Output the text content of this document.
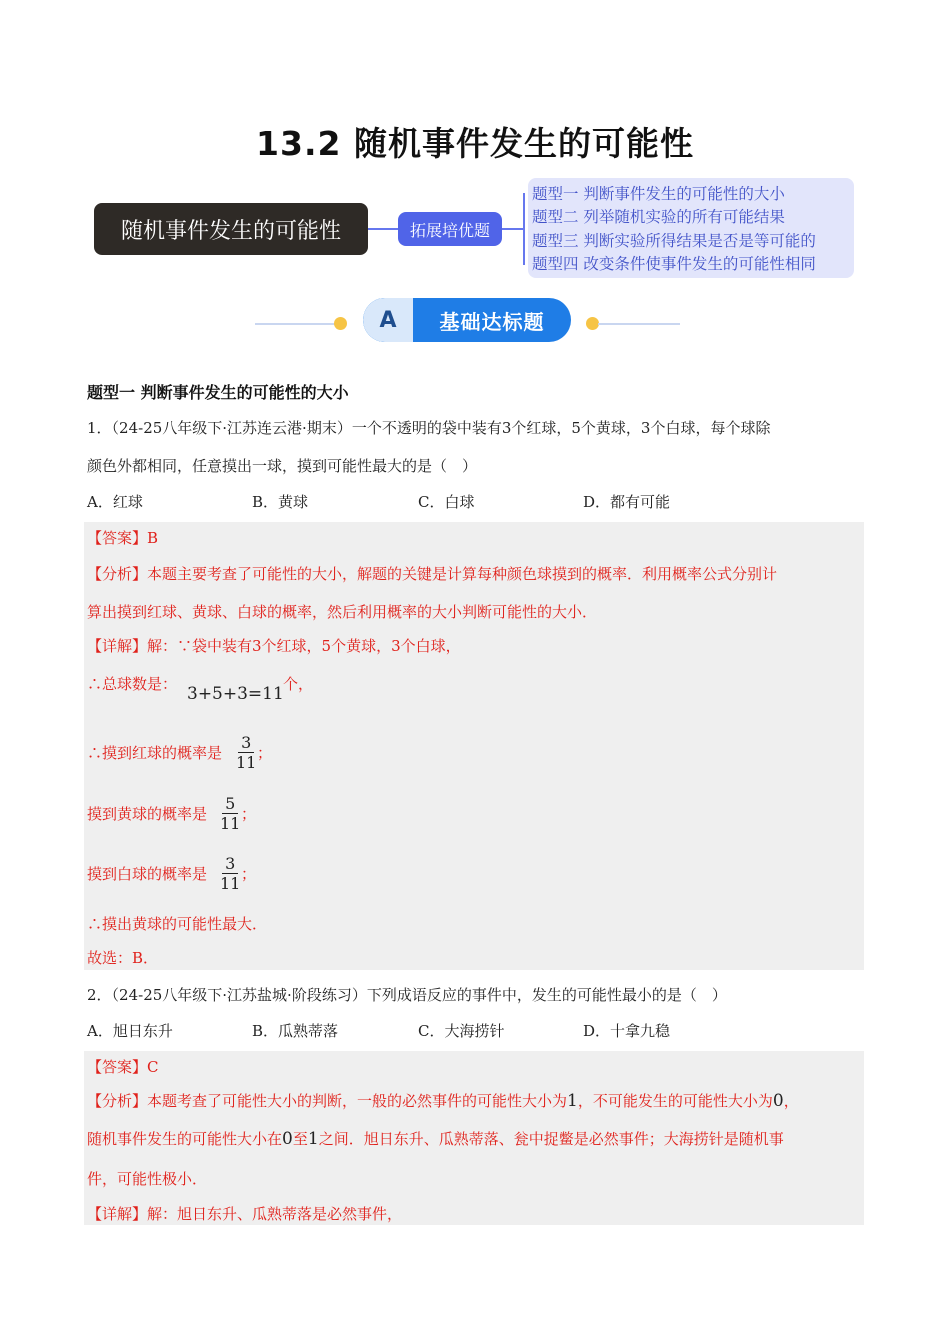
13.2 随机事件发生的可能性
随机事件发生的可能性	拓展培优题
题型一 判断事件发生的可能性的大小
题型二 列举随机实验的所有可能结果
题型三 判断实验所得结果是否是等可能的
题型四 改变条件使事件发生的可能性相同
A	基础达标题
题型一 判断事件发生的可能性的大小
1．（24-25八年级下·江苏连云港·期末）一个不透明的袋中装有3个红球，5个黄球，3个白球，每个球除
颜色外都相同，任意摸出一球，摸到可能性最大的是（　）
A．红球	B．黄球	C．白球	D．都有可能
【答案】B
【分析】本题主要考查了可能性的大小，解题的关键是计算每种颜色球摸到的概率．利用概率公式分别计
算出摸到红球、黄球、白球的概率，然后利用概率的大小判断可能性的大小．
【详解】解：∵袋中装有3个红球，5个黄球，3个白球，
∴总球数是： 3+5+3=11 个，
∴摸到红球的概率是 $\frac{3}{11}$ ；
摸到黄球的概率是 $\frac{5}{11}$ ；
摸到白球的概率是 $\frac{3}{11}$ ；
∴摸出黄球的可能性最大．
故选：B．
2．（24-25八年级下·江苏盐城·阶段练习）下列成语反应的事件中，发生的可能性最小的是（　）
A．旭日东升	B．瓜熟蒂落	C．大海捞针	D．十拿九稳
【答案】C
【分析】本题考查了可能性大小的判断，一般的必然事件的可能性大小为1，不可能发生的可能性大小为0，
随机事件发生的可能性大小在0至1之间．旭日东升、瓜熟蒂落、瓮中捉鳖是必然事件；大海捞针是随机事
件，可能性极小．
【详解】解：旭日东升、瓜熟蒂落是必然事件，
